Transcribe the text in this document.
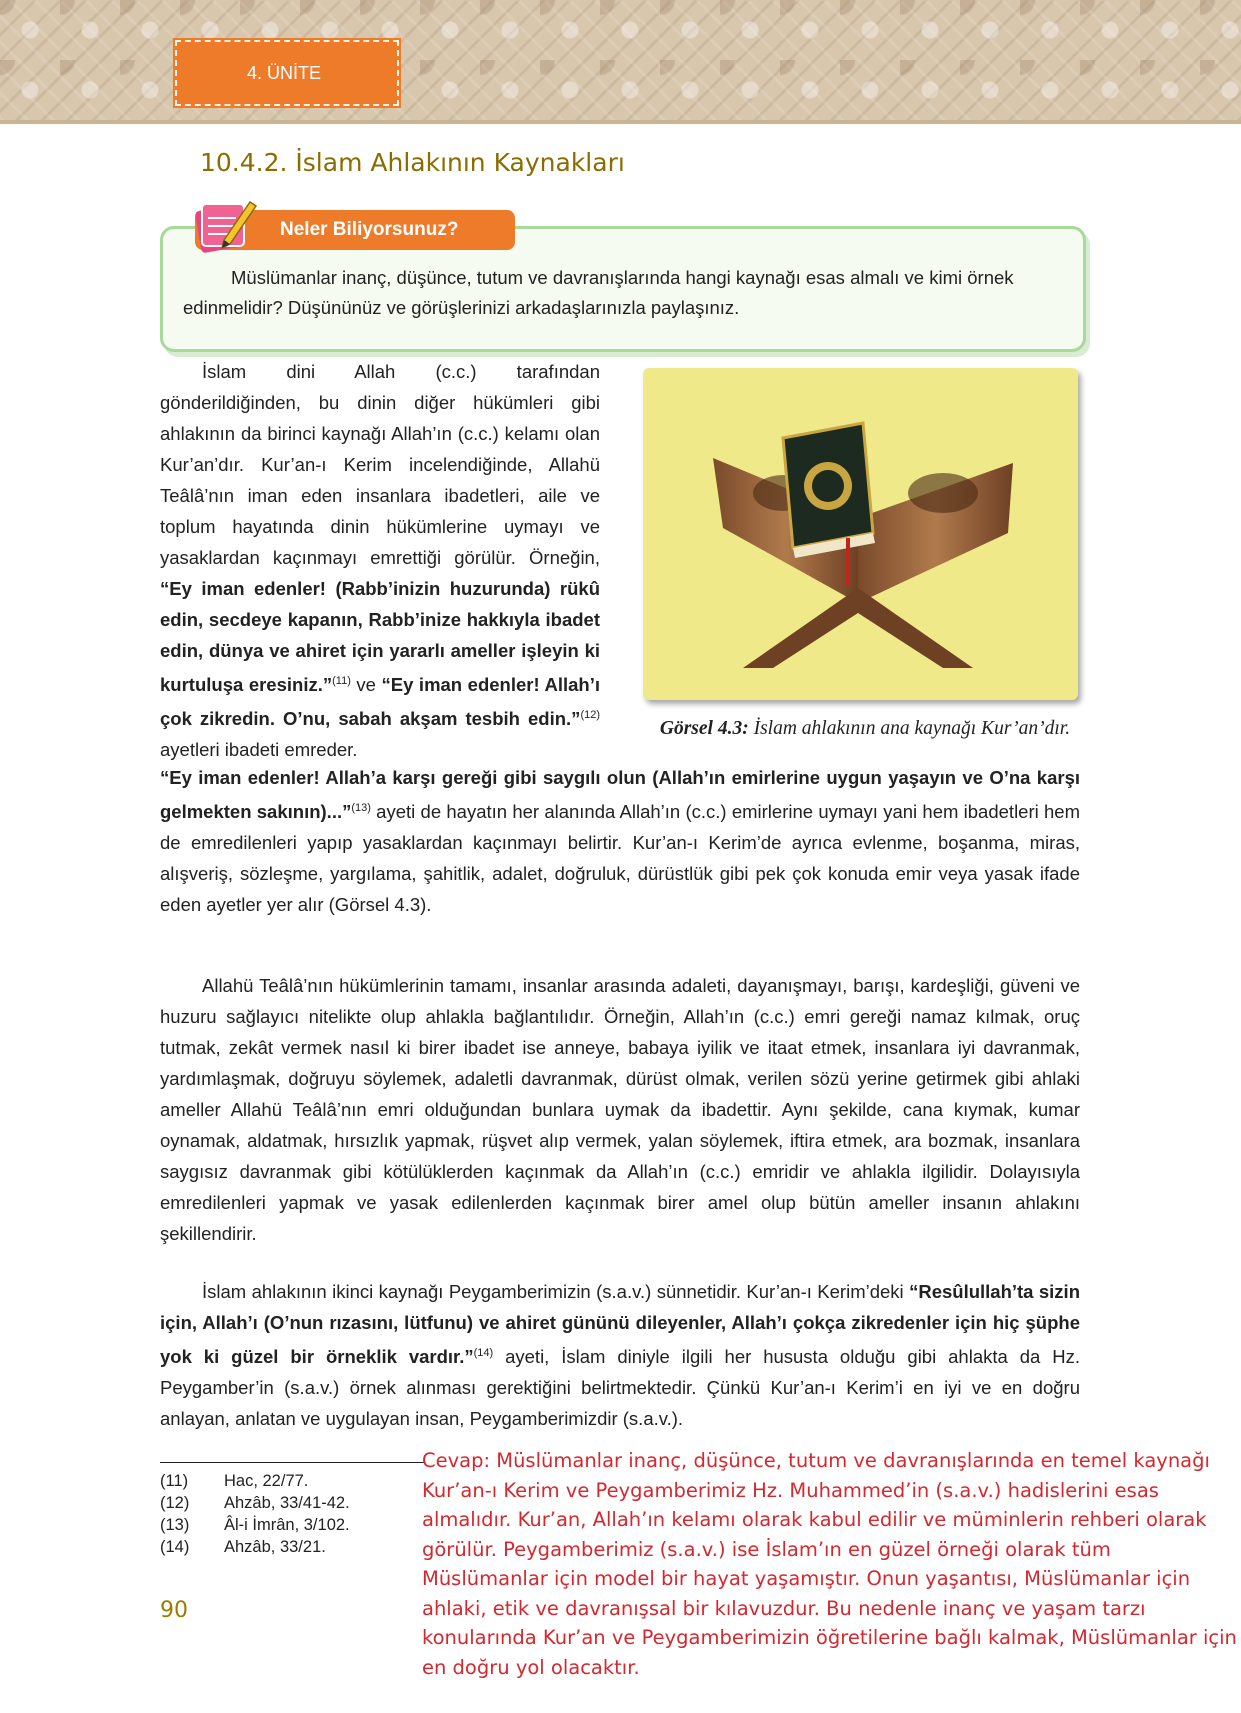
4. ÜNİTE
10.4.2. İslam Ahlakının Kaynakları
Müslümanlar inanç, düşünce, tutum ve davranışlarında hangi kaynağı esas almalı ve kimi örnek edinmelidir? Düşününüz ve görüşlerinizi arkadaşlarınızla paylaşınız.
Neler Biliyorsunuz?

İslam dini Allah (c.c.) tarafından gönderildiğinden, bu dinin diğer hükümleri gibi ahlakının da birinci kaynağı Allah’ın (c.c.) kelamı olan Kur’an’dır. Kur’an-ı Kerim incelendiğinde, Allahü Teâlâ’nın iman eden insanlara ibadetleri, aile ve toplum hayatında dinin hükümlerine uymayı ve yasaklardan kaçınmayı emrettiği görülür. Örneğin, “Ey iman edenler! (Rabb’inizin huzurunda) rükû edin, secdeye kapanın, Rabb’inize hakkıyla ibadet edin, dünya ve ahiret için yararlı ameller işleyin ki kurtuluşa eresiniz.”$^{(11)}$ ve “Ey iman edenler! Allah’ı çok zikredin. O’nu, sabah akşam tesbih edin.”$^{(12)}$ ayetleri ibadeti emreder.

Görsel 4.3: İslam ahlakının ana kaynağı Kur’an’dır.

“Ey iman edenler! Allah’a karşı gereği gibi saygılı olun (Allah’ın emirlerine uygun yaşayın ve O’na karşı gelmekten sakının)...”$^{(13)}$ ayeti de hayatın her alanında Allah’ın (c.c.) emirlerine uymayı yani hem ibadetleri hem de emredilenleri yapıp yasaklardan kaçınmayı belirtir. Kur’an-ı Kerim’de ayrıca evlenme, boşanma, miras, alışveriş, sözleşme, yargılama, şahitlik, adalet, doğruluk, dürüstlük gibi pek çok konuda emir veya yasak ifade eden ayetler yer alır (Görsel 4.3).

Allahü Teâlâ’nın hükümlerinin tamamı, insanlar arasında adaleti, dayanışmayı, barışı, kardeşliği, güveni ve huzuru sağlayıcı nitelikte olup ahlakla bağlantılıdır. Örneğin, Allah’ın (c.c.) emri gereği namaz kılmak, oruç tutmak, zekât vermek nasıl ki birer ibadet ise anneye, babaya iyilik ve itaat etmek, insanlara iyi davranmak, yardımlaşmak, doğruyu söylemek, adaletli davranmak, dürüst olmak, verilen sözü yerine getirmek gibi ahlaki ameller Allahü Teâlâ’nın emri olduğundan bunlara uymak da ibadettir. Aynı şekilde, cana kıymak, kumar oynamak, aldatmak, hırsızlık yapmak, rüşvet alıp vermek, yalan söylemek, iftira etmek, ara bozmak, insanlara saygısız davranmak gibi kötülüklerden kaçınmak da Allah’ın (c.c.) emridir ve ahlakla ilgilidir. Dolayısıyla emredilenleri yapmak ve yasak edilenlerden kaçınmak birer amel olup bütün ameller insanın ahlakını şekillendirir.

İslam ahlakının ikinci kaynağı Peygamberimizin (s.a.v.) sünnetidir. Kur’an-ı Kerim’deki “Resûlullah’ta sizin için, Allah’ı (O’nun rızasını, lütfunu) ve ahiret gününü dileyenler, Allah’ı çokça zikredenler için hiç şüphe yok ki güzel bir örneklik vardır.”$^{(14)}$ ayeti, İslam diniyle ilgili her hususta olduğu gibi ahlakta da Hz. Peygamber’in (s.a.v.) örnek alınması gerektiğini belirtmektedir. Çünkü Kur’an-ı Kerim’i en iyi ve en doğru anlayan, anlatan ve uygulayan insan, Peygamberimizdir (s.a.v.).

(11)	Hac, 22/77.
(12)	Ahzâb, 33/41-42.
(13)	Âl-i İmrân, 3/102.
(14)	Ahzâb, 33/21.
90
Cevap: Müslümanlar inanç, düşünce, tutum ve davranışlarında en temel kaynağı Kur’an-ı Kerim ve Peygamberimiz Hz. Muhammed’in (s.a.v.) hadislerini esas almalıdır. Kur’an, Allah’ın kelamı olarak kabul edilir ve müminlerin rehberi olarak görülür. Peygamberimiz (s.a.v.) ise İslam’ın en güzel örneği olarak tüm Müslümanlar için model bir hayat yaşamıştır. Onun yaşantısı, Müslümanlar için ahlaki, etik ve davranışsal bir kılavuzdur. Bu nedenle inanç ve yaşam tarzı konularında Kur’an ve Peygamberimizin öğretilerine bağlı kalmak, Müslümanlar için en doğru yol olacaktır.
